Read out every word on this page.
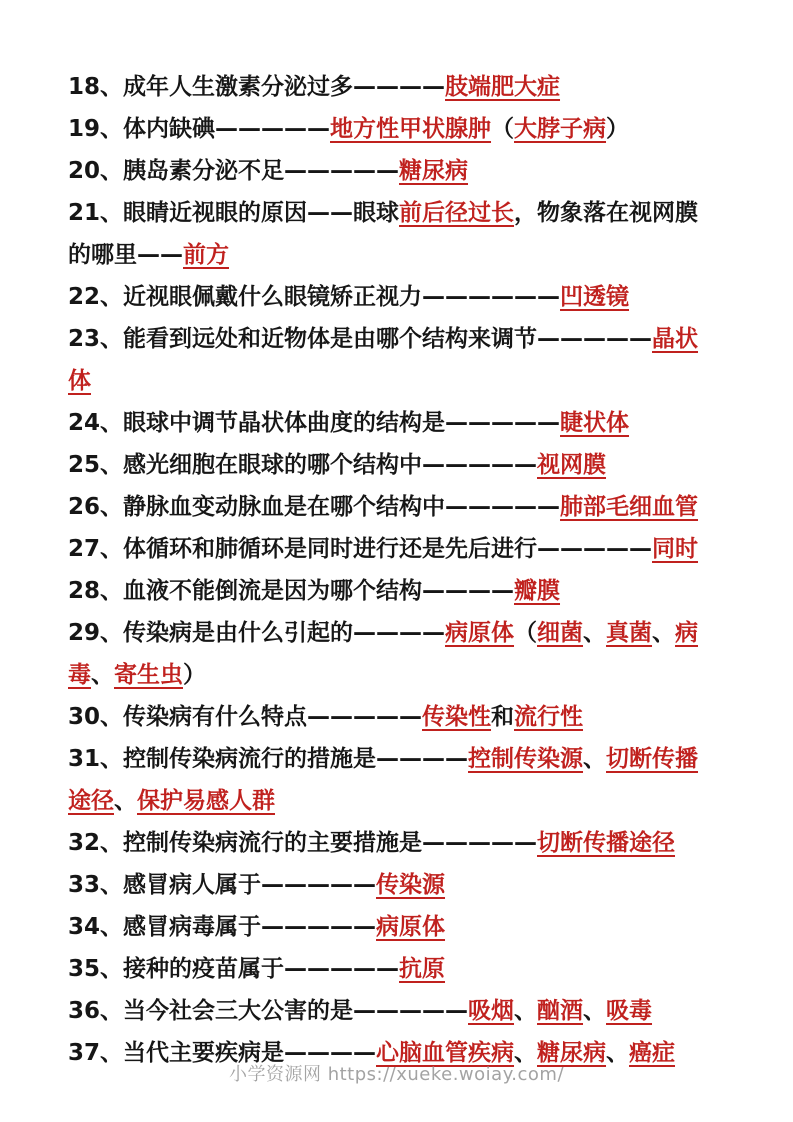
18、成年人生激素分泌过多————肢端肥大症

19、体内缺碘—————地方性甲状腺肿（大脖子病）

20、胰岛素分泌不足—————糖尿病

21、眼睛近视眼的原因——眼球前后径过长，物象落在视网膜的哪里——前方

22、近视眼佩戴什么眼镜矫正视力——————凹透镜

23、能看到远处和近物体是由哪个结构来调节—————晶状体

24、眼球中调节晶状体曲度的结构是—————睫状体

25、感光细胞在眼球的哪个结构中—————视网膜

26、静脉血变动脉血是在哪个结构中—————肺部毛细血管

27、体循环和肺循环是同时进行还是先后进行—————同时

28、血液不能倒流是因为哪个结构————瓣膜

29、传染病是由什么引起的————病原体（细菌、真菌、病毒、寄生虫）

30、传染病有什么特点—————传染性和流行性

31、控制传染病流行的措施是————控制传染源、切断传播途径、保护易感人群

32、控制传染病流行的主要措施是—————切断传播途径

33、感冒病人属于—————传染源

34、感冒病毒属于—————病原体

35、接种的疫苗属于—————抗原

36、当今社会三大公害的是—————吸烟、酗酒、吸毒

37、当代主要疾病是————心脑血管疾病、糖尿病、癌症

小学资源网 https://xueke.woiay.com/
